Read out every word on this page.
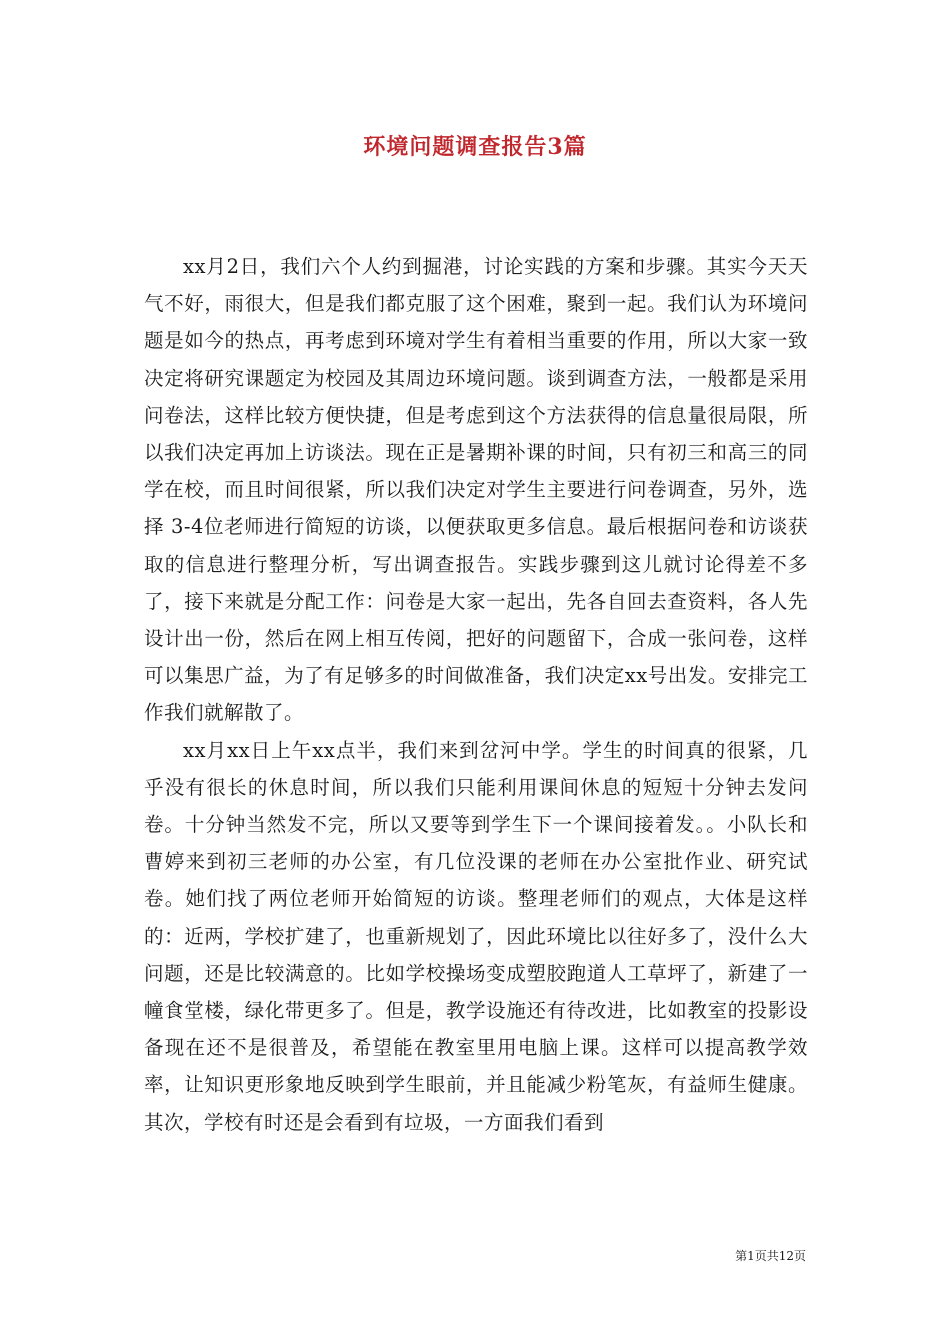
环境问题调查报告3篇

xx月2日，我们六个人约到掘港，讨论实践的方案和步骤。其实今天天气不好，雨很大，但是我们都克服了这个困难，聚到一起。我们认为环境问题是如今的热点，再考虑到环境对学生有着相当重要的作用，所以大家一致决定将研究课题定为校园及其周边环境问题。谈到调查方法，一般都是采用问卷法，这样比较方便快捷，但是考虑到这个方法获得的信息量很局限，所以我们决定再加上访谈法。现在正是暑期补课的时间，只有初三和高三的同学在校，而且时间很紧，所以我们决定对学生主要进行问卷调查，另外，选择 3-4位老师进行简短的访谈，以便获取更多信息。最后根据问卷和访谈获取的信息进行整理分析，写出调查报告。实践步骤到这儿就讨论得差不多了，接下来就是分配工作：问卷是大家一起出，先各自回去查资料，各人先设计出一份，然后在网上相互传阅，把好的问题留下，合成一张问卷，这样可以集思广益，为了有足够多的时间做准备，我们决定xx号出发。安排完工作我们就解散了。

xx月xx日上午xx点半，我们来到岔河中学。学生的时间真的很紧，几乎没有很长的休息时间，所以我们只能利用课间休息的短短十分钟去发问卷。十分钟当然发不完，所以又要等到学生下一个课间接着发。。小队长和曹婷来到初三老师的办公室，有几位没课的老师在办公室批作业、研究试卷。她们找了两位老师开始简短的访谈。整理老师们的观点，大体是这样的：近两，学校扩建了，也重新规划了，因此环境比以往好多了，没什么大问题，还是比较满意的。比如学校操场变成塑胶跑道人工草坪了，新建了一幢食堂楼，绿化带更多了。但是，教学设施还有待改进，比如教室的投影设备现在还不是很普及，希望能在教室里用电脑上课。这样可以提高教学效率，让知识更形象地反映到学生眼前，并且能减少粉笔灰，有益师生健康。其次，学校有时还是会看到有垃圾，一方面我们看到

第1页共12页
